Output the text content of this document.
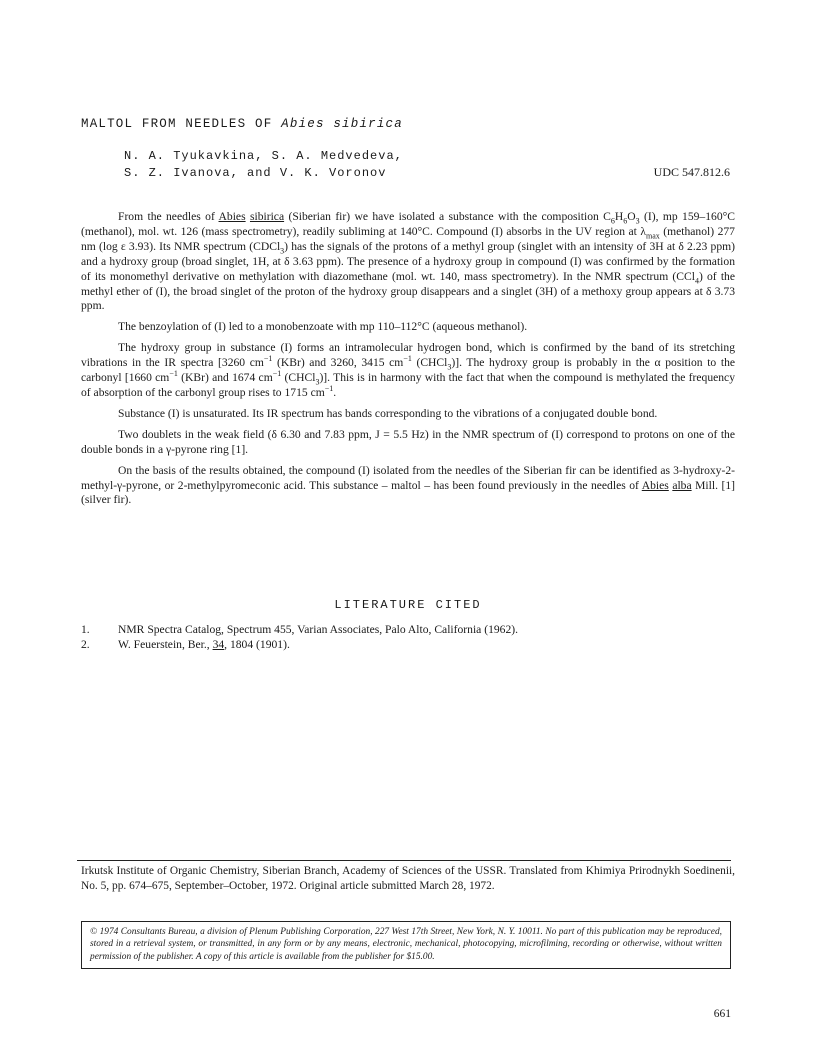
MALTOL FROM NEEDLES OF Abies sibirica
N. A. Tyukavkina, S. A. Medvedeva,
S. Z. Ivanova, and V. K. Voronov	UDC 547.812.6

From the needles of Abies sibirica (Siberian fir) we have isolated a substance with the composition $C_6H_6O_3$ (I), mp 159–160°C (methanol), mol. wt. 126 (mass spectrometry), readily subliming at 140°C. Compound (I) absorbs in the UV region at $\lambda_{max}$ (methanol) 277 nm (log ε 3.93). Its NMR spectrum (CDCl$_3$) has the signals of the protons of a methyl group (singlet with an intensity of 3H at δ 2.23 ppm) and a hydroxy group (broad singlet, 1H, at δ 3.63 ppm). The presence of a hydroxy group in compound (I) was confirmed by the formation of its monomethyl derivative on methylation with diazomethane (mol. wt. 140, mass spectrometry). In the NMR spectrum (CCl$_4$) of the methyl ether of (I), the broad singlet of the proton of the hydroxy group disappears and a singlet (3H) of a methoxy group appears at δ 3.73 ppm.

The benzoylation of (I) led to a monobenzoate with mp 110–112°C (aqueous methanol).

The hydroxy group in substance (I) forms an intramolecular hydrogen bond, which is confirmed by the band of its stretching vibrations in the IR spectra [3260 $cm^{-1}$ (KBr) and 3260, 3415 $cm^{-1}$ (CHCl$_3$)]. The hydroxy group is probably in the α position to the carbonyl [1660 $cm^{-1}$ (KBr) and 1674 $cm^{-1}$ (CHCl$_3$)]. This is in harmony with the fact that when the compound is methylated the frequency of absorption of the carbonyl group rises to 1715 $cm^{-1}$.

Substance (I) is unsaturated. Its IR spectrum has bands corresponding to the vibrations of a conjugated double bond.

Two doublets in the weak field (δ 6.30 and 7.83 ppm, J = 5.5 Hz) in the NMR spectrum of (I) correspond to protons on one of the double bonds in a γ-pyrone ring [1].

On the basis of the results obtained, the compound (I) isolated from the needles of the Siberian fir can be identified as 3-hydroxy-2-methyl-γ-pyrone, or 2-methylpyromeconic acid. This substance – maltol – has been found previously in the needles of Abies alba Mill. [1] (silver fir).

LITERATURE CITED
1.	NMR Spectra Catalog, Spectrum 455, Varian Associates, Palo Alto, California (1962).
2.	W. Feuerstein, Ber., 34, 1804 (1901).
Irkutsk Institute of Organic Chemistry, Siberian Branch, Academy of Sciences of the USSR. Translated from Khimiya Prirodnykh Soedinenii, No. 5, pp. 674–675, September–October, 1972. Original article submitted March 28, 1972.
© 1974 Consultants Bureau, a division of Plenum Publishing Corporation, 227 West 17th Street, New York, N. Y. 10011. No part of this publication may be reproduced, stored in a retrieval system, or transmitted, in any form or by any means, electronic, mechanical, photocopying, microfilming, recording or otherwise, without written permission of the publisher. A copy of this article is available from the publisher for $15.00.
661
